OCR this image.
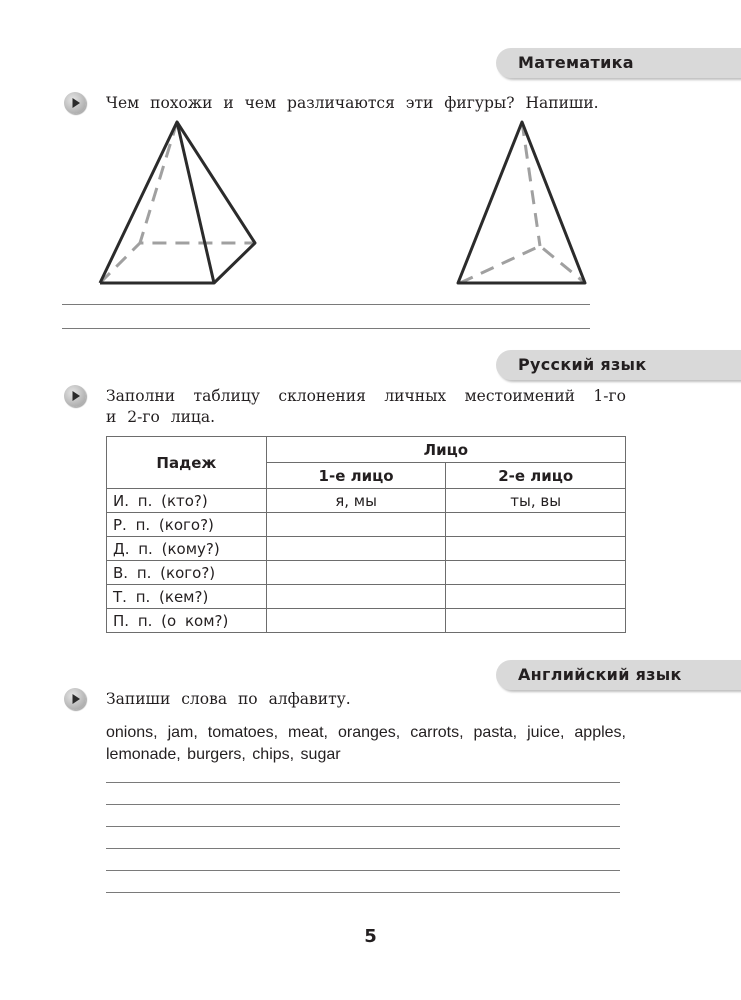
Математика
Чем похожи и чем различаются эти фигуры? Напиши.
Русский язык
Заполни таблицу склонения личных местоимений 1-го
и 2-го лица.
Падеж	Лицо	
	1-е лицо	2-е лицо
И. п. (кто?)	я, мы	ты, вы
Р. п. (кого?)		
Д. п. (кому?)		
В. п. (кого?)		
Т. п. (кем?)		
П. п. (о ком?)		
Английский язык
Запиши слова по алфавиту.
onions, jam, tomatoes, meat, oranges, carrots, pasta, juice, apples, lemonade, burgers, chips, sugar
5
